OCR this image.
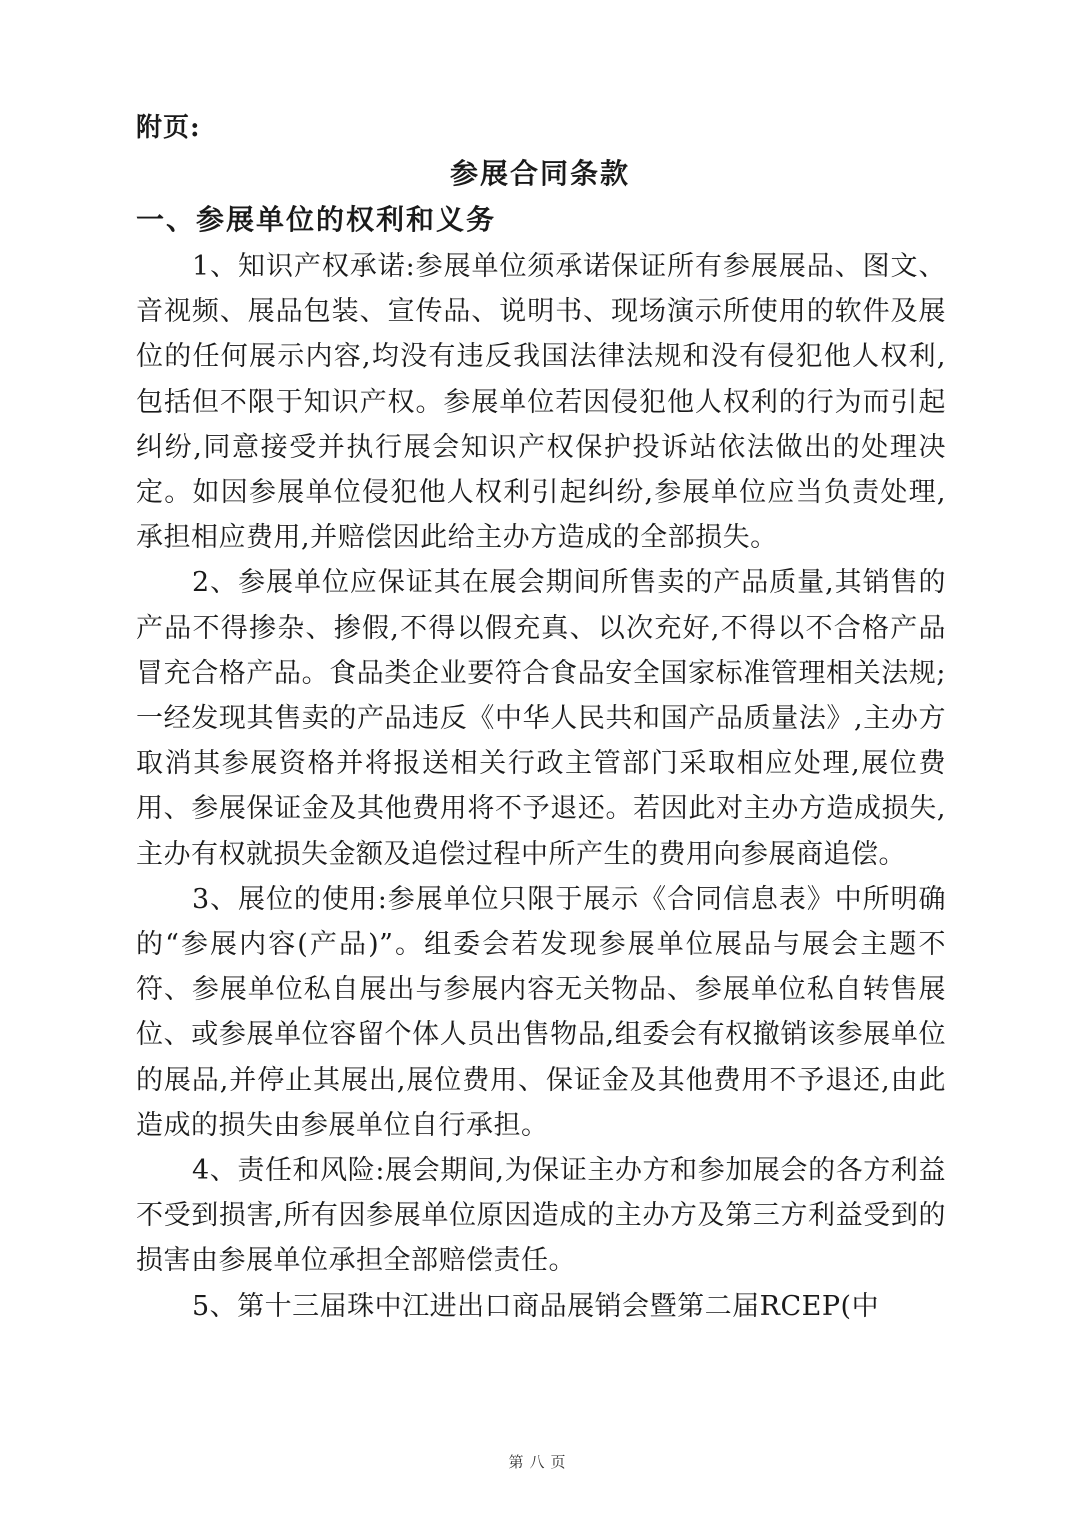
附页:
参展合同条款
一、参展单位的权利和义务

1、知识产权承诺:参展单位须承诺保证所有参展展品、图文、音视频、展品包装、宣传品、说明书、现场演示所使用的软件及展位的任何展示内容,均没有违反我国法律法规和没有侵犯他人权利,包括但不限于知识产权。参展单位若因侵犯他人权利的行为而引起纠纷,同意接受并执行展会知识产权保护投诉站依法做出的处理决定。如因参展单位侵犯他人权利引起纠纷,参展单位应当负责处理,承担相应费用,并赔偿因此给主办方造成的全部损失。

2、参展单位应保证其在展会期间所售卖的产品质量,其销售的产品不得掺杂、掺假,不得以假充真、以次充好,不得以不合格产品冒充合格产品。食品类企业要符合食品安全国家标准管理相关法规;一经发现其售卖的产品违反《中华人民共和国产品质量法》,主办方取消其参展资格并将报送相关行政主管部门采取相应处理,展位费用、参展保证金及其他费用将不予退还。若因此对主办方造成损失,主办有权就损失金额及追偿过程中所产生的费用向参展商追偿。

3、展位的使用:参展单位只限于展示《合同信息表》中所明确的“参展内容(产品)”。组委会若发现参展单位展品与展会主题不符、参展单位私自展出与参展内容无关物品、参展单位私自转售展位、或参展单位容留个体人员出售物品,组委会有权撤销该参展单位的展品,并停止其展出,展位费用、保证金及其他费用不予退还,由此造成的损失由参展单位自行承担。

4、责任和风险:展会期间,为保证主办方和参加展会的各方利益不受到损害,所有因参展单位原因造成的主办方及第三方利益受到的损害由参展单位承担全部赔偿责任。

5、第十三届珠中江进出口商品展销会暨第二届RCEP(中

第八页
